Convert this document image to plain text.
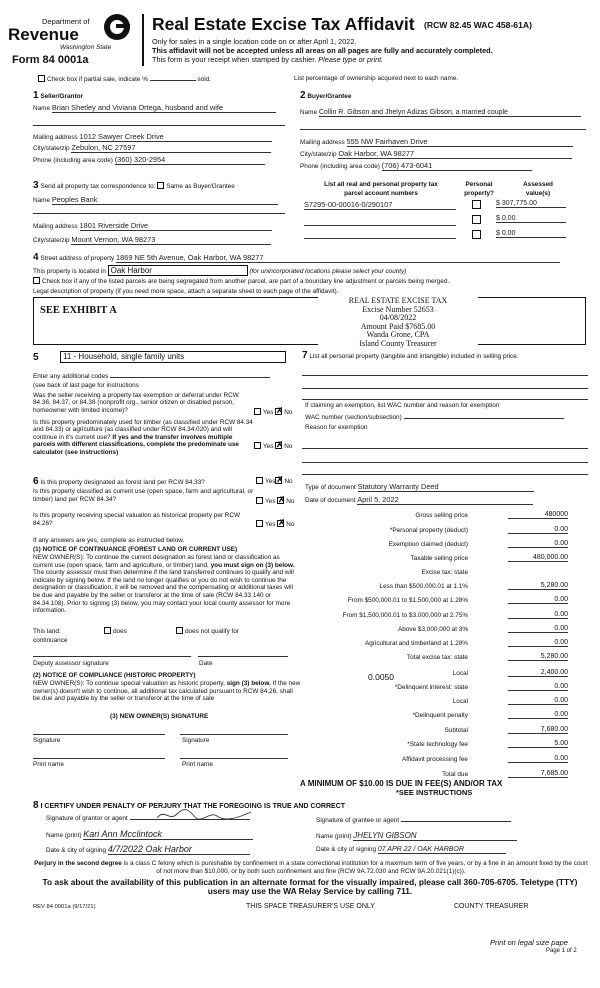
Department of
Revenue
Washington State
Form 84 0001a
Real Estate Excise Tax Affidavit (RCW 82.45 WAC 458-61A)
Only for sales in a single location code on or after April 1, 2022.
This affidavit will not be accepted unless all areas on all pages are fully and accurately completed.
This form is your receipt when stamped by cashier. Please type or print.
Check box if partial sale, indicate %	sold.	List percentage of ownership acquired next to each name.
1 Seller/Grantor
Name Brian Shetley and Viviana Ortega, husband and wife
Mailing address 1012 Sawyer Creek Drive
City/state/zip Zebulon, NC 27597
Phone (including area code) (360) 320-2954
2 Buyer/Grantee
Name Collin R. Gibson and Jhelyn Adizas Gibson, a married couple
Mailing address 555 NW Fairhaven Drive
City/state/zip Oak Harbor, WA 98277
Phone (including area code) (706) 473-6041
3 Send all property tax correspondence to: Same as Buyer/Grantee
Name Peoples Bank
Mailing address 1801 Riverside Drive
City/state/zip Mount Vernon, WA 98273
List all real and personal property tax
parcel account numbers
Personal
property?
Assessed
value(s)
S7295-00-00016-0/290107	$ 307,775.00
$ 0.00
$ 0.00
4 Street address of property 1869 NE 5th Avenue, Oak Harbor, WA 98277
This property is located in Oak Harbor	(for unincorporated locations please select your county)
Check box if any of the listed parcels are being segregated from another parcel, are part of a boundary line adjustment or parcels being merged.
Legal description of property (if you need more space, attach a separate sheet to each page of the affidavit).
SEE EXHIBIT A
REAL ESTATE EXCISE TAX
Excise Number 52653
04/08/2022
Amount Paid $7685.00
Wanda Grone, CPA
Island County Treasurer
5	11 - Household, single family units
Enter any additional codes
(see back of last page for instructions
Was the seller receiving a property tax exemption or deferral under RCW 84.36, 84.37, or 84.38 (nonprofit org., senior citizen or disabled person, homeowner with limited income)?	Yes ✗ No
Is this property predominately used for timber (as classified under RCW 84.34 and 84.33) or agriculture (as classified under RCW 84.34.020) and will continue in it's current use? If yes and the transfer involves multiple parcels with different classifications, complete the predominate use calculator (see instructions)
Yes ✗ No
7 List all personal property (tangible and intangible) included in selling price.
If claiming an exemption, list WAC number and reason for exemption
WAC number (section/subsection)
Reason for exemption
Type of document Statutory Warranty Deed
Date of document April 5, 2022
6 Is this property designated as forest land per RCW 84.33?	Yes ✗ No
Is this property classified as current use (open space, farm and agricultural, or timber) land per RCW 84.34?	Yes ✗ No
Is this property receiving special valuation as historical property per RCW 84.26?	Yes ✗ No
If any answers are yes, complete as instructed below.
(1) NOTICE OF CONTINUANCE (FOREST LAND OR CURRENT USE)
NEW OWNER(S): To continue the current designation as forest land or classification as current use (open space, farm and agriculture, or timber) land, you must sign on (3) below. The county assessor must then determine if the land transferred continues to qualify and will indicate by signing below. If the land no longer qualifies or you do not wish to continue the designation or classification, it will be removed and the compensating or additional taxes will be due and payable by the seller or transferor at the time of sale (RCW 84.33.140 or 84.34.108). Prior to signing (3) below, you may contact your local county assessor for more information.
This land:	does	does not qualify for
continuance
Deputy assessor signature	Date
(2) NOTICE OF COMPLIANCE (HISTORIC PROPERTY)
NEW OWNER(S): To continue special valuation as historic property, sign (3) below. If the new owner(s) doesn't wish to continue, all additional tax calculated pursuant to RCW 84.26, shall be due and payable by the seller or transferor at the time of sale
(3) NEW OWNER(S) SIGNATURE
Signature	Signature
Print name	Print name
Gross selling price	480000
*Personal property (deduct)	0.00
Exemption claimed (deduct)	0.00
Taxable selling price	480,000.00
Excise tax: state
Less than $500,000.01 at 1.1%	5,280.00
From $500,000.01 to $1,500,000 at 1.28%	0.00
From $1,500,000.01 to $3,000,000 at 2.75%	0.00
Above $3,000,000 at 3%	0.00
Agricultural and timberland at 1.28%	0.00
Total excise tax: state	5,280.00
Local	2,400.00
*Delinquent interest: state	0.00
Local	0.00
*Delinquent penalty	0.00
Subtotal	7,680.00
*State technology fee	5.00
Affidavit processing fee	0.00
Total due	7,685.00
0.0050
A MINIMUM OF $10.00 IS DUE IN FEE(S) AND/OR TAX
*SEE INSTRUCTIONS
8 I CERTIFY UNDER PENALTY OF PERJURY THAT THE FOREGOING IS TRUE AND CORRECT
Signature of grantor or agent
Name (print) Kari Ann Mcclintock
Date & city of signing 4/7/2022 Oak Harbor
Signature of grantee or agent
Name (print) JHELYN GIBSON
Date & city of signing 07 APR 22 / OAK HARBOR
Perjury in the second degree is a class C felony which is punishable by confinement in a state correctional institution for a maximum term of five years, or by a fine in an amount fixed by the court of not more than $10,000, or by both such confinement and fine (RCW 9A.72.030 and RCW 9A.20.021(1)(c)).
To ask about the availability of this publication in an alternate format for the visually impaired, please call 360-705-6705. Teletype (TTY) users may use the WA Relay Service by calling 711.
REV 84 0001a (9/17/21)	THIS SPACE TREASURER'S USE ONLY	COUNTY TREASURER
Print on legal size pape
Page 1 of 2
